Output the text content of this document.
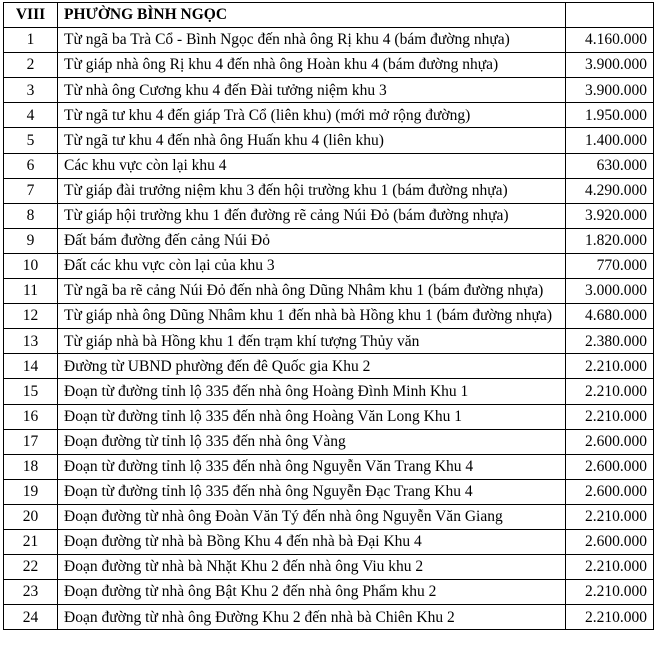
VIII	PHƯỜNG BÌNH NGỌC	
1	Từ ngã ba Trà Cổ - Bình Ngọc đến nhà ông Rị khu 4 (bám đường nhựa)	4.160.000
2	Từ giáp nhà ông Rị khu 4 đến nhà ông Hoàn khu 4 (bám đường nhựa)	3.900.000
3	Từ nhà ông Cương khu 4 đến Đài tưởng niệm khu 3	3.900.000
4	Từ ngã tư khu 4 đến giáp Trà Cổ (liên khu) (mới mở rộng đường)	1.950.000
5	Từ ngã tư khu 4 đến nhà ông Huấn khu 4 (liên khu)	1.400.000
6	Các khu vực còn lại khu 4	630.000
7	Từ giáp đài trưởng niệm khu 3 đến hội trường khu 1 (bám đường nhựa)	4.290.000
8	Từ giáp hội trường khu 1 đến đường rẽ cảng Núi Đỏ (bám đường nhựa)	3.920.000
9	Đất bám đường đến cảng Núi Đỏ	1.820.000
10	Đất các khu vực còn lại của khu 3	770.000
11	Từ ngã ba rẽ cảng Núi Đỏ đến nhà ông Dũng Nhâm khu 1 (bám đường nhựa)	3.000.000
12	Từ giáp nhà ông Dũng Nhâm khu 1 đến nhà bà Hồng khu 1 (bám đường nhựa)	4.680.000
13	Từ giáp nhà bà Hồng khu 1 đến trạm khí tượng Thủy văn	2.380.000
14	Đường từ UBND phường đến đê Quốc gia Khu 2	2.210.000
15	Đoạn từ đường tỉnh lộ 335 đến nhà ông Hoàng Đình Minh Khu 1	2.210.000
16	Đoạn từ đường tỉnh lộ 335 đến nhà ông Hoàng Văn Long Khu 1	2.210.000
17	Đoạn đường từ tỉnh lộ 335 đến nhà ông Vàng	2.600.000
18	Đoạn từ đường tỉnh lộ 335 đến nhà ông Nguyễn Văn Trang Khu 4	2.600.000
19	Đoạn từ đường tỉnh lộ 335 đến nhà ông Nguyễn Đạc Trang Khu 4	2.600.000
20	Đoạn đường từ nhà ông Đoàn Văn Tý đến nhà ông Nguyễn Văn Giang	2.210.000
21	Đoạn đường từ nhà bà Bồng Khu 4 đến nhà bà Đại Khu 4	2.600.000
22	Đoạn đường từ nhà bà Nhặt Khu 2 đến nhà ông Viu khu 2	2.210.000
23	Đoạn đường từ nhà ông Bật Khu 2 đến nhà ông Phẩm khu 2	2.210.000
24	Đoạn đường từ nhà ông Đường Khu 2 đến nhà bà Chiên Khu 2	2.210.000
